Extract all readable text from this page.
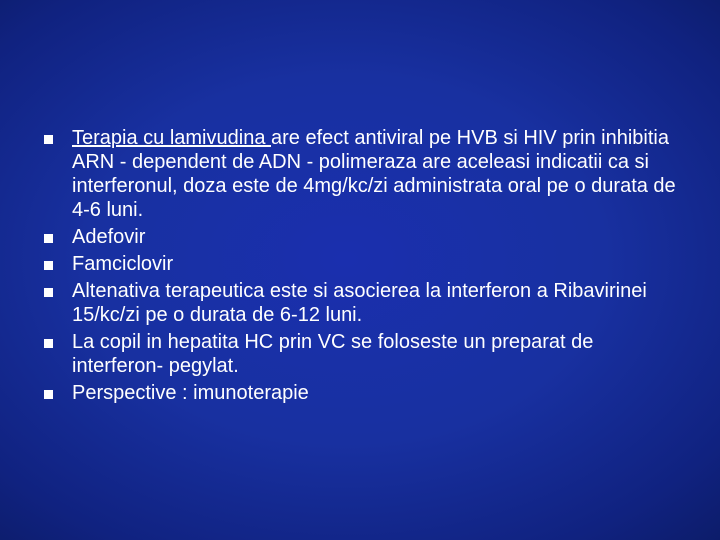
Terapia cu lamivudina are efect antiviral pe HVB si HIV prin inhibitia ARN - dependent de ADN - polimeraza are aceleasi indicatii ca si interferonul, doza este de 4mg/kc/zi administrata oral pe o durata de 4-6 luni.
Adefovir
Famciclovir
Altenativa terapeutica este si asocierea la interferon a Ribavirinei 15/kc/zi pe o durata de 6-12 luni.
La copil in hepatita HC prin VC se foloseste un preparat de interferon- pegylat.
Perspective : imunoterapie
